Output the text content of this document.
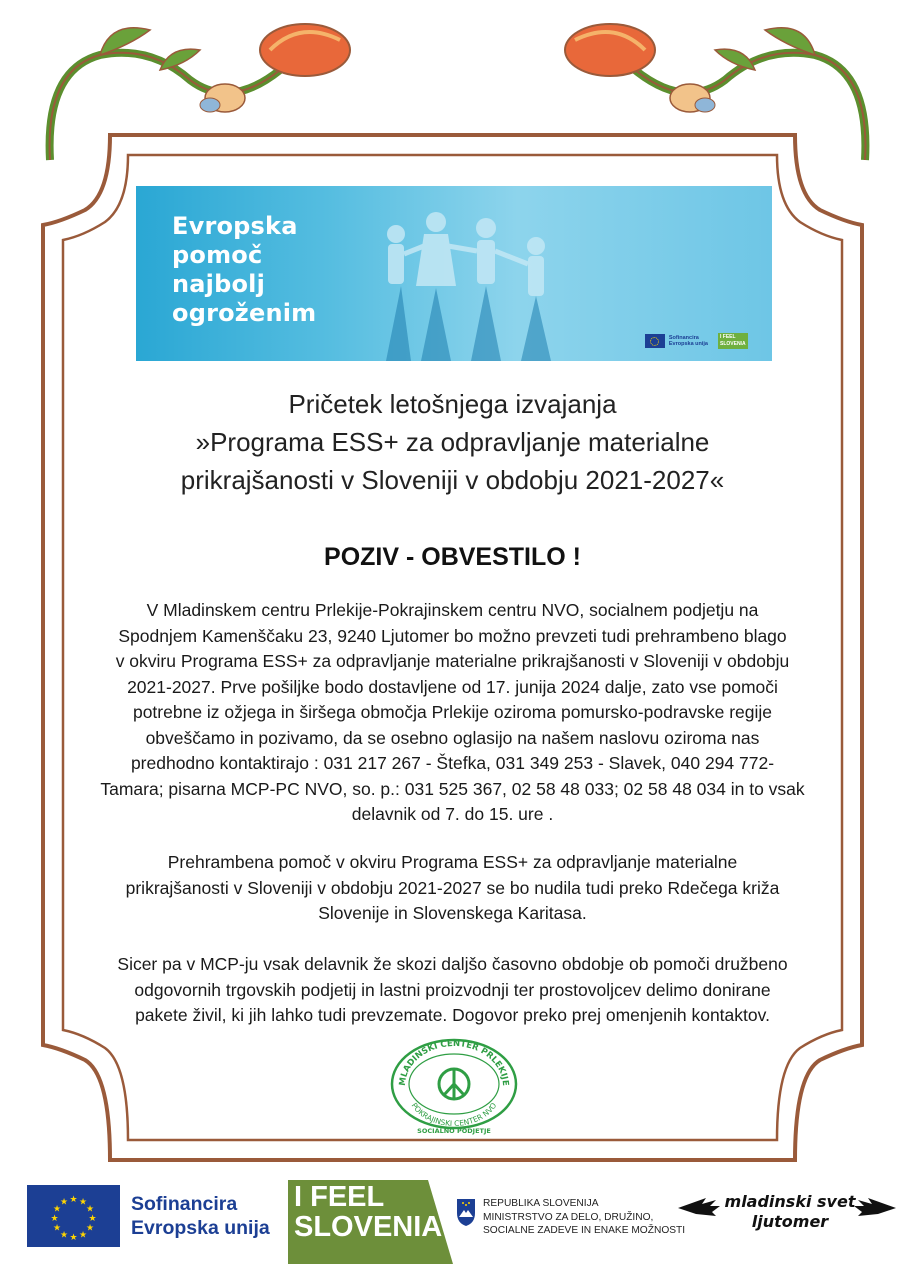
Evropska
pomoč
najbolj
ogroženim
Sofinancira
Evropska unija
I FEEL
SLOVENIA
Pričetek letošnjega izvajanja
»Programa ESS+ za odpravljanje materialne
prikrajšanosti v Sloveniji v obdobju 2021-2027«
POZIV - OBVESTILO !
V Mladinskem centru Prlekije-Pokrajinskem centru NVO, socialnem podjetju na
Spodnjem Kamenščaku 23, 9240 Ljutomer bo možno prevzeti tudi prehrambeno blago
v okviru Programa ESS+ za odpravljanje materialne prikrajšanosti v Sloveniji v obdobju
2021-2027. Prve pošiljke bodo dostavljene od 17. junija 2024 dalje, zato vse pomoči
potrebne iz ožjega in širšega območja Prlekije oziroma pomursko-podravske regije
obveščamo in pozivamo, da se osebno oglasijo na našem naslovu oziroma nas
predhodno kontaktirajo : 031 217 267 - Štefka, 031 349 253 - Slavek, 040 294 772-
Tamara; pisarna MCP-PC NVO, so. p.: 031 525 367, 02 58 48 033; 02 58 48 034 in to vsak
delavnik od 7. do 15. ure .
Prehrambena pomoč v okviru Programa ESS+ za odpravljanje materialne
prikrajšanosti v Sloveniji v obdobju 2021-2027 se bo nudila tudi preko Rdečega križa
Slovenije in Slovenskega Karitasa.
Sicer pa v MCP-ju vsak delavnik že skozi daljšo časovno obdobje ob pomoči družbeno
odgovornih trgovskih podjetij in lastni proizvodnji ter prostovoljcev delimo donirane
pakete živil, ki jih lahko tudi prevzemate. Dogovor preko prej omenjenih kontaktov.
MLADINSKI CENTER PRLEKIJE
POKRAJINSKI CENTER NVO
SOCIALNO PODJETJE
★ ★
★
★
★
★
★
★
★
★
★
★	Sofinancira
Evropska unija
I FEEL
SLOVENIA
REPUBLIKA SLOVENIJA
MINISTRSTVO ZA DELO, DRUŽINO,
SOCIALNE ZADEVE IN ENAKE MOŽNOSTI
mladinski svet
ljutomer
